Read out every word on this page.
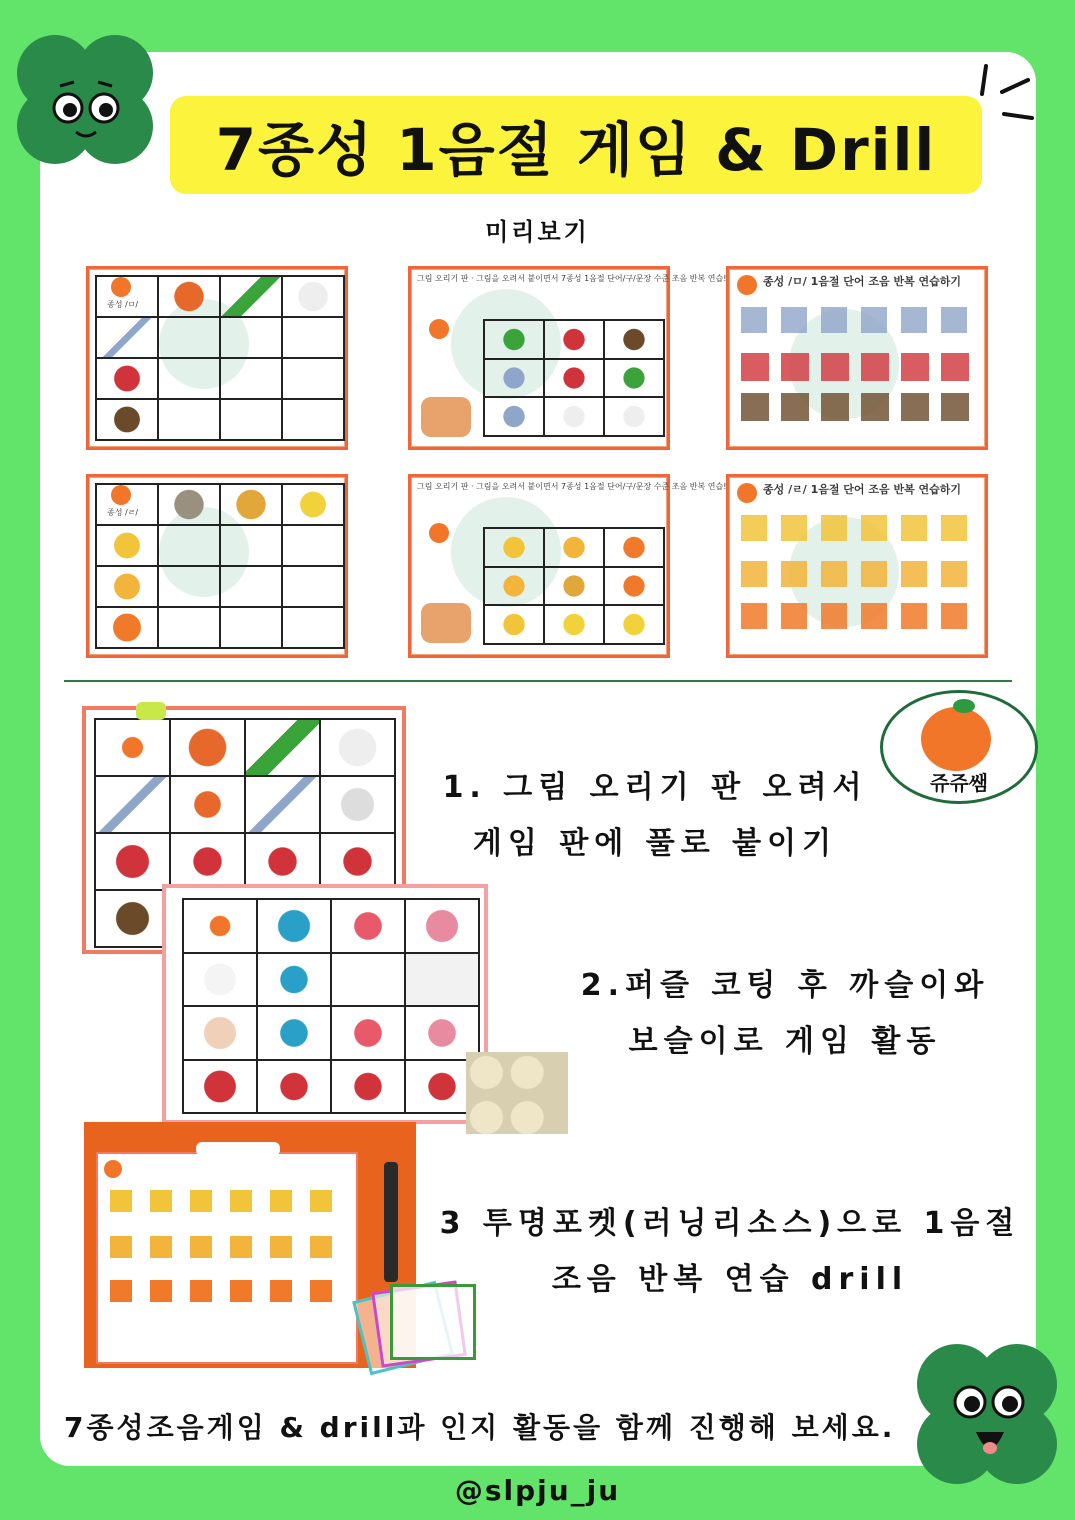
7종성 1음절 게임 & Drill
미리보기
종성 /ㅁ/
그림 오리기 판 · 그림을 오려서 붙이면서 7종성 1음절 단어/구/문장 수준 조음 반복 연습!	종성 /ㅁ/ 1음절 단어 조음 반복 연습하기
종성 /ㄹ/
그림 오리기 판 · 그림을 오려서 붙이면서 7종성 1음절 단어/구/문장 수준 조음 반복 연습!	종성 /ㄹ/ 1음절 단어 조음 반복 연습하기
쥬쥬쌤
1. 그림 오리기 판 오려서
게임 판에 풀로 붙이기
2.퍼즐 코팅 후 까슬이와
보슬이로 게임 활동
3 투명포켓(러닝리소스)으로 1음절
조음 반복 연습 drill
7종성조음게임 & drill과 인지 활동을 함께 진행해 보세요.
@slpju_ju
